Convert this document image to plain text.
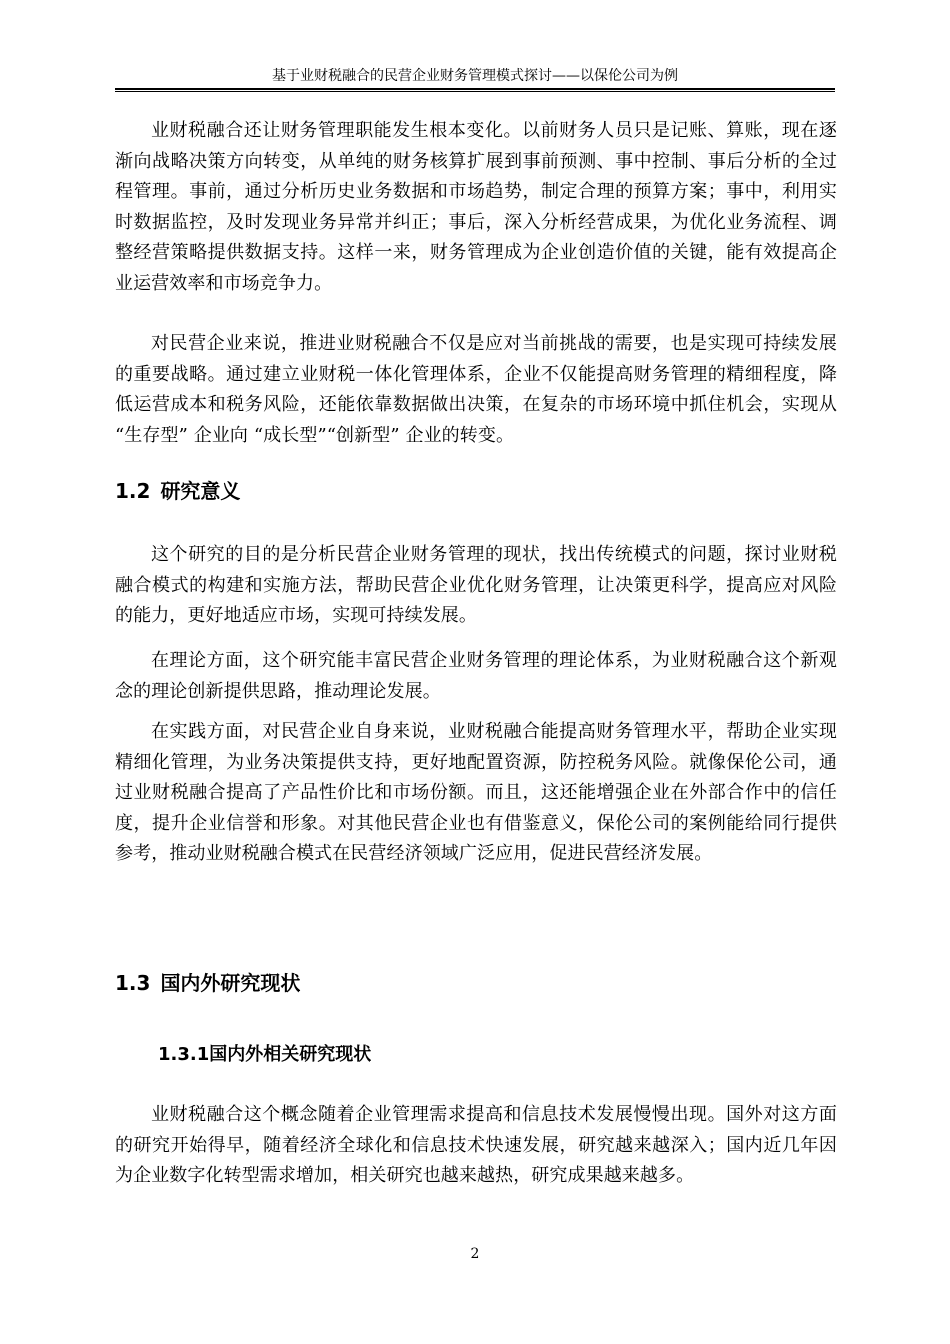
基于业财税融合的民营企业财务管理模式探讨——以保伦公司为例

业财税融合还让财务管理职能发生根本变化。以前财务人员只是记账、算账，现在逐渐向战略决策方向转变，从单纯的财务核算扩展到事前预测、事中控制、事后分析的全过程管理。事前，通过分析历史业务数据和市场趋势，制定合理的预算方案；事中，利用实时数据监控，及时发现业务异常并纠正；事后，深入分析经营成果，为优化业务流程、调整经营策略提供数据支持。这样一来，财务管理成为企业创造价值的关键，能有效提高企业运营效率和市场竞争力。

对民营企业来说，推进业财税融合不仅是应对当前挑战的需要，也是实现可持续发展的重要战略。通过建立业财税一体化管理体系，企业不仅能提高财务管理的精细程度，降低运营成本和税务风险，还能依靠数据做出决策，在复杂的市场环境中抓住机会，实现从 “生存型” 企业向 “成长型”“创新型” 企业的转变。

1.2 研究意义

这个研究的目的是分析民营企业财务管理的现状，找出传统模式的问题，探讨业财税融合模式的构建和实施方法，帮助民营企业优化财务管理，让决策更科学，提高应对风险的能力，更好地适应市场，实现可持续发展。

在理论方面，这个研究能丰富民营企业财务管理的理论体系，为业财税融合这个新观念的理论创新提供思路，推动理论发展。

在实践方面，对民营企业自身来说，业财税融合能提高财务管理水平，帮助企业实现精细化管理，为业务决策提供支持，更好地配置资源，防控税务风险。就像保伦公司，通过业财税融合提高了产品性价比和市场份额。而且，这还能增强企业在外部合作中的信任度，提升企业信誉和形象。对其他民营企业也有借鉴意义，保伦公司的案例能给同行提供参考，推动业财税融合模式在民营经济领域广泛应用，促进民营经济发展。

1.3 国内外研究现状
1.3.1国内外相关研究现状

业财税融合这个概念随着企业管理需求提高和信息技术发展慢慢出现。国外对这方面的研究开始得早，随着经济全球化和信息技术快速发展，研究越来越深入；国内近几年因为企业数字化转型需求增加，相关研究也越来越热，研究成果越来越多。

2
